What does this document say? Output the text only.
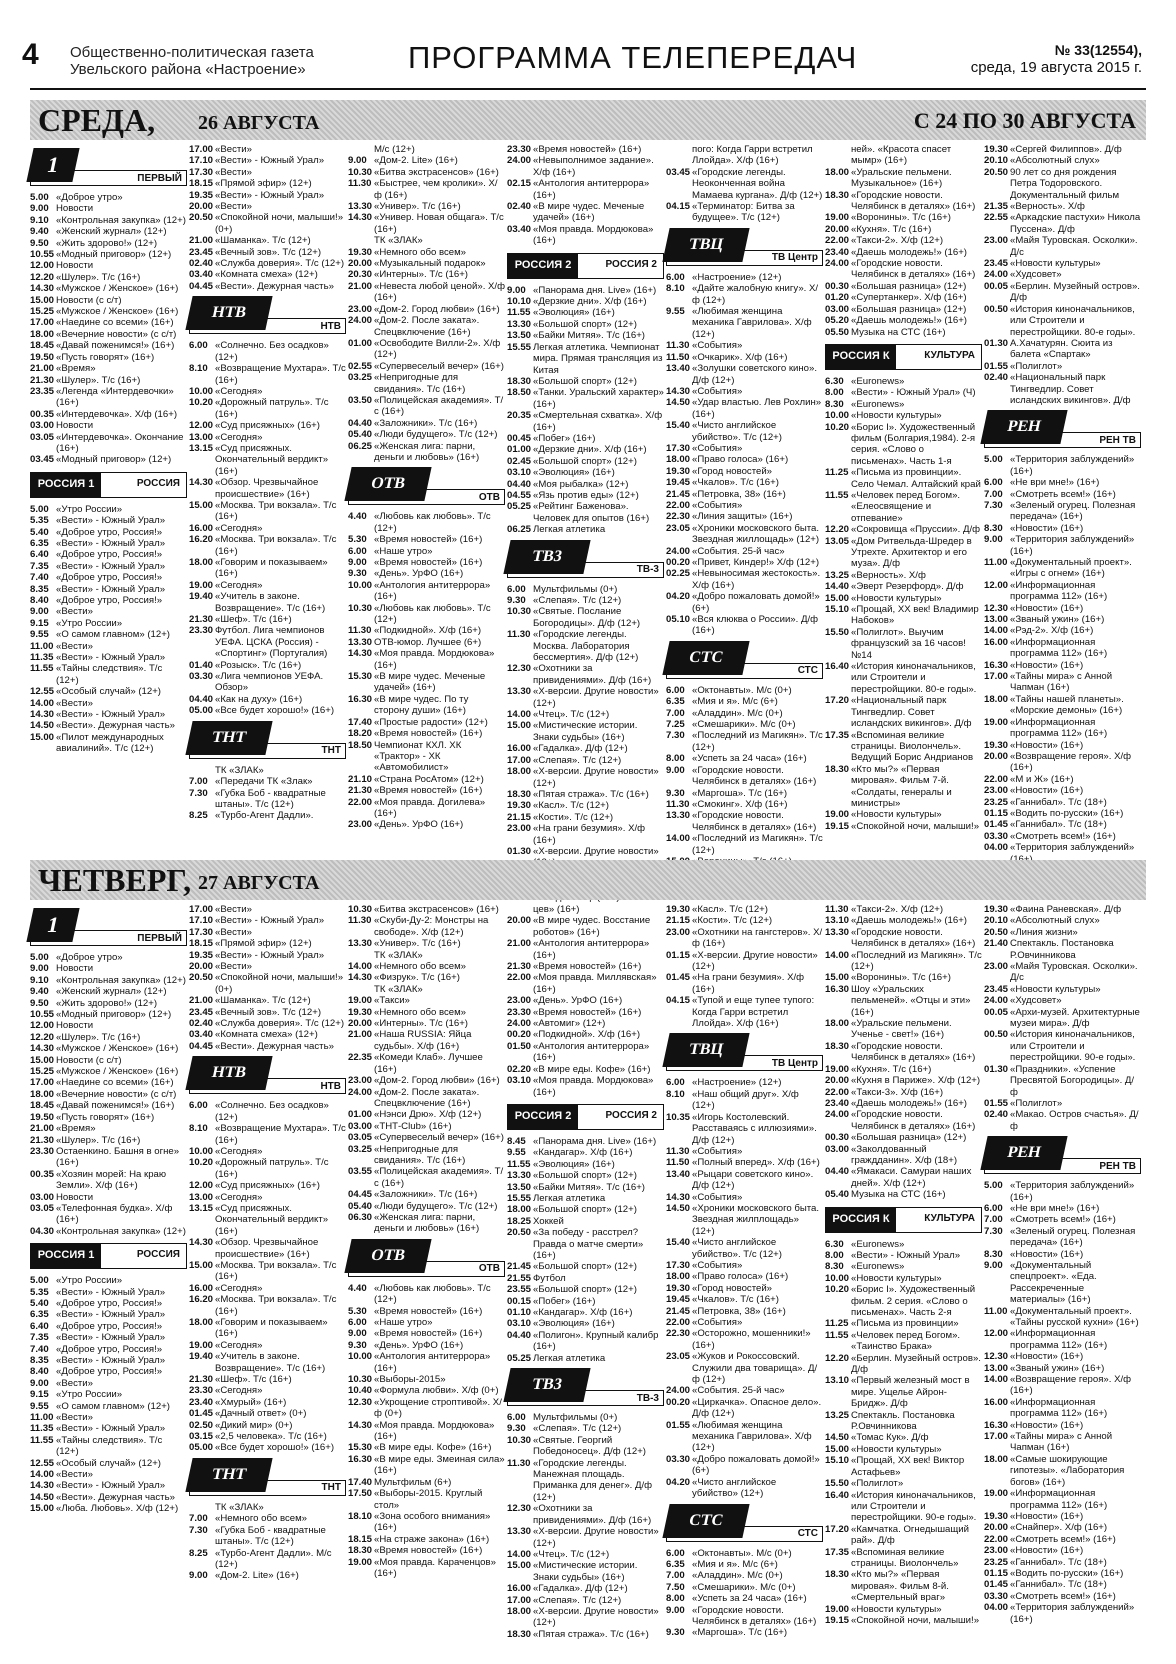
4 Общественно-политическая газета
Увельского района «Настроение»	ПРОГРАММА ТЕЛЕПЕРЕДАЧ	№ 33(12554),
среда, 19 августа 2015 г.
СРЕДА, 26 АВГУСТА	С 24 ПО 30 АВГУСТА
ПЕРВЫЙ
1
5.00 «Доброе утро»
9.00 Новости
9.10 «Контрольная закупка» (12+)
9.40 «Женский журнал» (12+)
9.50 «Жить здорово!» (12+)
10.55 «Модный приговор» (12+)
12.00 Новости
12.20 «Шулер». Т/с (16+)
14.30 «Мужское / Женское» (16+)
15.00 Новости (с с/т)
15.25 «Мужское / Женское» (16+)
17.00 «Наедине со всеми» (16+)
18.00 «Вечерние новости» (с с/т)
18.45 «Давай поженимся!» (16+)
19.50 «Пусть говорят» (16+)
21.00 «Время»
21.30 «Шулер». Т/с (16+)
23.35 «Легенда «Интердевочки» (16+)
00.35 «Интердевочка». Х/ф (16+)
03.00 Новости
03.05 «Интердевочка». Окончание (16+)
03.45 «Модный приговор» (12+)
РОССИЯ 1	РОССИЯ
5.00 «Утро России»
5.35 «Вести» - Южный Урал»
5.40 «Доброе утро, Россия!»
6.35 «Вести» - Южный Урал»
6.40 «Доброе утро, Россия!»
7.35 «Вести» - Южный Урал»
7.40 «Доброе утро, Россия!»
8.35 «Вести» - Южный Урал»
8.40 «Доброе утро, Россия!»
9.00 «Вести»
9.15 «Утро России»
9.55 «О самом главном» (12+)
11.00 «Вести»
11.35 «Вести» - Южный Урал»
11.55 «Тайны следствия». Т/с (12+)
12.55 «Особый случай» (12+)
14.00 «Вести»
14.30 «Вести» - Южный Урал»
14.50 «Вести». Дежурная часть»
15.00 «Пилот международных авиалиний». Т/с (12+)
17.00 «Вести»
17.10 «Вести» - Южный Урал»
17.30 «Вести»
18.15 «Прямой эфир» (12+)
19.35 «Вести» - Южный Урал»
20.00 «Вести»
20.50 «Спокойной ночи, малыши!» (0+)
21.00 «Шаманка». Т/с (12+)
23.45 «Вечный зов». Т/с (12+)
02.40 «Служба доверия». Т/с (12+)
03.40 «Комната смеха» (12+)
04.45 «Вести». Дежурная часть»
НТВ
НТВ
6.00 «Солнечно. Без осадков» (12+)
8.10 «Возвращение Мухтара». Т/с (16+)
10.00 «Сегодня»
10.20 «Дорожный патруль». Т/с (16+)
12.00 «Суд присяжных» (16+)
13.00 «Сегодня»
13.15 «Суд присяжных. Окончательный вердикт» (16+)
14.30 «Обзор. Чрезвычайное происшествие» (16+)
15.00 «Москва. Три вокзала». Т/с (16+)
16.00 «Сегодня»
16.20 «Москва. Три вокзала». Т/с (16+)
18.00 «Говорим и показываем» (16+)
19.00 «Сегодня»
19.40 «Учитель в законе. Возвращение». Т/с (16+)
21.30 «Шеф». Т/с (16+)
23.30 Футбол. Лига чемпионов УЕФА. ЦСКА (Россия) - «Спортинг» (Португалия)
01.40 «Розыск». Т/с (16+)
03.30 «Лига чемпионов УЕФА. Обзор»
04.40 «Как на духу» (16+)
05.00 «Все будет хорошо!» (16+)
ТНТ
ТНТ
ТК «ЗЛАК»
7.00 «Передачи ТК «Злак»
7.30 «Губка Боб - квадратные штаны». Т/с (12+)
8.25 «Турбо-Агент Дадли».
М/с (12+)
9.00 «Дом-2. Lite» (16+)
10.30 «Битва экстрасенсов» (16+)
11.30 «Быстрее, чем кролики». Х/ф (16+)
13.30 «Универ». Т/с (16+)
14.30 «Универ. Новая общага». Т/с (16+)
ТК «ЗЛАК»
19.30 «Немного обо всем»
20.00 «Музыкальный подарок»
20.30 «Интерны». Т/с (16+)
21.00 «Невеста любой ценой». Х/ф (16+)
23.00 «Дом-2. Город любви» (16+)
24.00 «Дом-2. После заката». Спецвключение (16+)
01.00 «Освободите Вилли-2». Х/ф (12+)
02.55 «Супервеселый вечер» (16+)
03.25 «Непригодные для свидания». Т/с (16+)
03.50 «Полицейская академия». Т/с (16+)
04.40 «Заложники». Т/с (16+)
05.40 «Люди будущего». Т/с (12+)
06.25 «Женская лига: парни, деньги и любовь» (16+)
ОТВ
ОТВ
4.40 «Любовь как любовь». Т/с (12+)
5.30 «Время новостей» (16+)
6.00 «Наше утро»
9.00 «Время новостей» (16+)
9.30 «День». УрФО (16+)
10.00 «Антология антитеррора» (16+)
10.30 «Любовь как любовь». Т/с (12+)
11.30 «Подкидной». Х/ф (16+)
13.30 ОТВ-юмор. Лучшее (6+)
14.30 «Моя правда. Мордюкова» (16+)
15.30 «В мире чудес. Меченые удачей» (16+)
16.30 «В мире чудес. По ту сторону души» (16+)
17.40 «Простые радости» (12+)
18.20 «Время новостей» (16+)
18.50 Чемпионат КХЛ. ХК «Трактор» - ХК «Автомобилист»
21.10 «Страна РосАтом» (12+)
21.30 «Время новостей» (16+)
22.00 «Моя правда. Догилева» (16+)
23.00 «День». УрФО (16+)
23.30 «Время новостей» (16+)
24.00 «Невыполнимое задание». Х/ф (16+)
02.15 «Антология антитеррора» (16+)
02.40 «В мире чудес. Меченые удачей» (16+)
03.40 «Моя правда. Мордюкова» (16+)
РОССИЯ 2	РОССИЯ 2
9.00 «Панорама дня. Live» (16+)
10.10 «Дерзкие дни». Х/ф (16+)
11.55 «Эволюция» (16+)
13.30 «Большой спорт» (12+)
13.50 «Байки Митяя». Т/с (16+)
15.55 Легкая атлетика. Чемпионат мира. Прямая трансляция из Китая
18.30 «Большой спорт» (12+)
18.50 «Танки. Уральский характер» (16+)
20.35 «Смертельная схватка». Х/ф (16+)
00.45 «Побег» (16+)
01.00 «Дерзкие дни». Х/ф (16+)
02.45 «Большой спорт» (12+)
03.10 «Эволюция» (16+)
04.40 «Моя рыбалка» (12+)
04.55 «Язь против еды» (12+)
05.25 «Рейтинг Баженова». Человек для опытов (16+)
06.25 Легкая атлетика
ТВ-3
ТВ3
6.00 Мультфильмы (0+)
9.30 «Слепая». Т/с (12+)
10.30 «Святые. Послание Богородицы». Д/ф (12+)
11.30 «Городские легенды. Москва. Лаборатория бессмертия». Д/ф (12+)
12.30 «Охотники за привидениями». Д/ф (16+)
13.30 «Х-версии. Другие новости» (12+)
14.00 «Чтец». Т/с (12+)
15.00 «Мистические истории. Знаки судьбы» (16+)
16.00 «Гадалка». Д/ф (12+)
17.00 «Слепая». Т/с (12+)
18.00 «Х-версии. Другие новости» (12+)
18.30 «Пятая стража». Т/с (16+)
19.30 «Касл». Т/с (12+)
21.15 «Кости». Т/с (12+)
23.00 «На грани безумия». Х/ф (16+)
01.30 «Х-версии. Другие новости»
пого: Когда Гарри встретил Ллойда». Х/ф (16+)
03.45 «Городские легенды. Неоконченная война Мамаева кургана». Д/ф (12+)
04.15 «Терминатор: Битва за будущее». Т/с (12+)
ТВ Центр
ТВЦ
6.00 «Настроение» (12+)
8.10 «Дайте жалобную книгу». Х/ф (12+)
9.55 «Любимая женщина механика Гаврилова». Х/ф (12+)
11.30 «События»
11.50 «Очкарик». Х/ф (16+)
13.40 «Золушки советского кино». Д/ф (12+)
14.30 «События»
14.50 «Удар властью. Лев Рохлин» (16+)
15.40 «Чисто английское убийство». Т/с (12+)
17.30 «События»
18.00 «Право голоса» (16+)
19.30 «Город новостей»
19.45 «Чкалов». Т/с (16+)
21.45 «Петровка, 38» (16+)
22.00 «События»
22.30 «Линия защиты» (16+)
23.05 «Хроники московского быта. Звездная жиллощадь» (12+)
24.00 «События. 25-й час»
00.20 «Привет, Киндер!» Х/ф (12+)
02.25 «Невыносимая жестокость». Х/ф (16+)
04.20 «Добро пожаловать домой!» (6+)
05.10 «Вся клюква о России». Д/ф (16+)
СТС
СТС
6.00 «Октонавты». М/с (0+)
6.35 «Мия и я». М/с (6+)
7.00 «Аладдин». М/с (0+)
7.25 «Смешарики». М/с (0+)
7.30 «Последний из Магикян». Т/с (12+)
8.00 «Успеть за 24 часа» (16+)
9.00 «Городские новости. Челябинск в деталях» (16+)
9.30 «Маргоша». Т/с (16+)
11.30 «Смокинг». Х/ф (16+)
13.30 «Городские новости. Челябинск в деталях» (16+)
14.00 «Последний из Магикян». Т/с (12+)
ней». «Красота спасет мымр» (16+)
18.00 «Уральские пельмени. Музыкальное» (16+)
18.30 «Городские новости. Челябинск в деталях» (16+)
19.00 «Воронины». Т/с (16+)
20.00 «Кухня». Т/с (16+)
22.00 «Такси-2». Х/ф (12+)
23.40 «Даешь молодежь!» (16+)
24.00 «Городские новости. Челябинск в деталях» (16+)
00.30 «Большая разница» (12+)
01.20 «Супертанкер». Х/ф (16+)
03.00 «Большая разница» (12+)
05.20 «Даешь молодежь!» (16+)
05.50 Музыка на СТС (16+)
РОССИЯ К	КУЛЬТУРА
6.30 «Euronews»
8.00 «Вести» - Южный Урал» (Ч)
8.30 «Euronews»
10.00 «Новости культуры»
10.20 «Борис I». Художественный фильм (Болгария,1984). 2-я серия. «Слово о письменах». Часть 1-я
11.25 «Письма из провинции». Село Чемал. Алтайский край
11.55 «Человек перед Богом». «Елеосвящение и отпевание»
12.20 «Сокровища «Пруссии». Д/ф
13.05 «Дом Ритвельда-Шредер в Утрехте. Архитектор и его муза». Д/ф
13.25 «Верность». Х/ф
14.40 «Эверт Резерфорд». Д/ф
15.00 «Новости культуры»
15.10 «Прощай, XX век! Владимир Набоков»
15.50 «Полиглот». Выучим французский за 16 часов! №14
16.40 «История киноначальников, или Строители и перестройщики. 80-е годы».
17.20 «Национальный парк Тингведлир. Совет исландских викингов». Д/ф
17.35 «Вспоминая великие страницы. Виолончель». Ведущий Борис Андрианов
18.30 «Кто мы?» «Первая мировая». Фильм 7-й. «Солдаты, генералы и министры»
19.00 «Новости культуры»
19.15 «Спокойной ночи, малыши!»
19.30 «Сергей Филиппов». Д/ф
20.10 «Абсолютный слух»
20.50 90 лет со дня рождения Петра Тодоровского. Документальный фильм
21.35 «Верность». Х/ф
22.55 «Аркадские пастухи» Никола Пуссена». Д/ф
23.00 «Майя Туровская. Осколки». Д/с
23.45 «Новости культуры»
24.00 «Худсовет»
00.05 «Берлин. Музейный остров». Д/ф
00.50 «История киноначальников, или Строители и перестройщики. 80-е годы».
01.30 А.Хачатурян. Сюита из балета «Спартак»
01.55 «Полиглот»
02.40 «Национальный парк Тингведлир. Совет исландских викингов». Д/ф
РЕН ТВ
РЕН
5.00 «Территория заблуждений» (16+)
6.00 «Не ври мне!» (16+)
7.00 «Смотреть всем!» (16+)
7.30 «Зеленый огурец. Полезная передача» (16+)
8.30 «Новости» (16+)
9.00 «Территория заблуждений» (16+)
11.00 «Документальный проект». «Игры с огнем» (16+)
12.00 «Информационная программа 112» (16+)
12.30 «Новости» (16+)
13.00 «Званый ужин» (16+)
14.00 «Рэд-2». Х/ф (16+)
16.00 «Информационная программа 112» (16+)
16.30 «Новости» (16+)
17.00 «Тайны мира» с Анной Чапман (16+)
18.00 «Тайны нашей планеты». «Морские демоны» (16+)
19.00 «Информационная программа 112» (16+)
19.30 «Новости» (16+)
20.00 «Возвращение героя». Х/ф (16+)
22.00 «М и Ж» (16+)
23.00 «Новости» (16+)
23.25 «Ганнибал». Т/с (18+)
01.15 «Водить по-русски» (16+)
01.45 «Ганнибал». Т/с (18+)
03.30 «Смотреть всем!» (16+)
04.00 «Территория заблуждений»
ЧЕТВЕРГ, 27 АВГУСТА
ПЕРВЫЙ
1
5.00 «Доброе утро»
9.00 Новости
9.10 «Контрольная закупка» (12+)
9.40 «Женский журнал» (12+)
9.50 «Жить здорово!» (12+)
10.55 «Модный приговор» (12+)
12.00 Новости
12.20 «Шулер». Т/с (16+)
14.30 «Мужское / Женское» (16+)
15.00 Новости (с с/т)
15.25 «Мужское / Женское» (16+)
17.00 «Наедине со всеми» (16+)
18.00 «Вечерние новости» (с с/т)
18.45 «Давай поженимся!» (16+)
19.50 «Пусть говорят» (16+)
21.00 «Время»
21.30 «Шулер». Т/с (16+)
23.30 Остаенкино. Башня в огне» (16+)
00.35 «Хозяин морей: На краю Земли». Х/ф (16+)
03.00 Новости
03.05 «Телефонная будка». Х/ф (16+)
04.30 «Контрольная закупка» (12+)
РОССИЯ 1	РОССИЯ
5.00 «Утро России»
5.35 «Вести» - Южный Урал»
5.40 «Доброе утро, Россия!»
6.35 «Вести» - Южный Урал»
6.40 «Доброе утро, Россия!»
7.35 «Вести» - Южный Урал»
7.40 «Доброе утро, Россия!»
8.35 «Вести» - Южный Урал»
8.40 «Доброе утро, Россия!»
9.00 «Вести»
9.15 «Утро России»
9.55 «О самом главном» (12+)
11.00 «Вести»
11.35 «Вести» - Южный Урал»
11.55 «Тайны следствия». Т/с (12+)
12.55 «Особый случай» (12+)
14.00 «Вести»
14.30 «Вести» - Южный Урал»
14.50 «Вести». Дежурная часть»
15.00 «Люба. Любовь». Х/ф (12+)
17.00 «Вести»
17.10 «Вести» - Южный Урал»
17.30 «Вести»
18.15 «Прямой эфир» (12+)
19.35 «Вести» - Южный Урал»
20.00 «Вести»
20.50 «Спокойной ночи, малыши!» (0+)
21.00 «Шаманка». Т/с (12+)
23.45 «Вечный зов». Т/с (12+)
02.40 «Служба доверия». Т/с (12+)
03.40 «Комната смеха» (12+)
04.45 «Вести». Дежурная часть»
НТВ
НТВ
6.00 «Солнечно. Без осадков» (12+)
8.10 «Возвращение Мухтара». Т/с (16+)
10.00 «Сегодня»
10.20 «Дорожный патруль». Т/с (16+)
12.00 «Суд присяжных» (16+)
13.00 «Сегодня»
13.15 «Суд присяжных. Окончательный вердикт» (16+)
14.30 «Обзор. Чрезвычайное происшествие» (16+)
15.00 «Москва. Три вокзала». Т/с (16+)
16.00 «Сегодня»
16.20 «Москва. Три вокзала». Т/с (16+)
18.00 «Говорим и показываем» (16+)
19.00 «Сегодня»
19.40 «Учитель в законе. Возвращение». Т/с (16+)
21.30 «Шеф». Т/с (16+)
23.30 «Сегодня»
23.40 «Хмурый» (16+)
01.45 «Дачный ответ» (0+)
02.50 «Дикий мир» (0+)
03.15 «2,5 человека». Т/с (16+)
05.00 «Все будет хорошо!» (16+)
ТНТ
ТНТ
ТК «ЗЛАК»
7.00 «Немного обо всем»
7.30 «Губка Боб - квадратные штаны». Т/с (12+)
8.25 «Турбо-Агент Дадли». М/с (12+)
9.00 «Дом-2. Lite» (16+)
10.30 «Битва экстрасенсов» (16+)
11.30 «Скуби-Ду-2: Монстры на свободе». Х/ф (12+)
13.30 «Универ». Т/с (16+)
ТК «ЗЛАК»
14.00 «Немного обо всем»
14.30 «Физрук». Т/с (16+)
ТК «ЗЛАК»
19.00 «Такси»
19.30 «Немного обо всем»
20.00 «Интерны». Т/с (16+)
21.00 «Наша RUSSIA: Яйца судьбы». Х/ф (16+)
22.35 «Комеди Клаб». Лучшее (16+)
23.00 «Дом-2. Город любви» (16+)
24.00 «Дом-2. После заката». Спецвключение (16+)
01.00 «Нэнси Дрю». Х/ф (12+)
03.00 «ТНТ-Club» (16+)
03.05 «Супервеселый вечер» (16+)
03.25 «Непригодные для свидания». Т/с (16+)
03.55 «Полицейская академия». Т/с (16+)
04.45 «Заложники». Т/с (16+)
05.40 «Люди будущего». Т/с (12+)
06.30 «Женская лига: парни, деньги и любовь» (16+)
ОТВ
ОТВ
4.40 «Любовь как любовь». Т/с (12+)
5.30 «Время новостей» (16+)
6.00 «Наше утро»
9.00 «Время новостей» (16+)
9.30 «День». УрФО (16+)
10.00 «Антология антитеррора» (16+)
10.30 «Выборы-2015»
10.40 «Формула любви». Х/ф (0+)
12.30 «Укрощение строптивой». Х/ф (0+)
14.30 «Моя правда. Мордюкова» (16+)
15.30 «В мире еды. Кофе» (16+)
16.30 «В мире еды. Змеиная сила» (16+)
17.40 Мультфильм (6+)
17.50 «Выборы-2015. Круглый стол»
18.10 «Зона особого внимания» (16+)
18.15 «На страже закона» (16+)
18.30 «Время новостей» (16+)
19.00 «Моя правда. Караченцов» (16+)
цев» (16+)
20.00 «В мире чудес. Восстание роботов» (16+)
21.00 «Антология антитеррора» (16+)
21.30 «Время новостей» (16+)
22.00 «Моя правда. Миллявская» (16+)
23.00 «День». УрФО (16+)
23.30 «Время новостей» (16+)
24.00 «Автомиг» (12+)
00.20 «Подкидной». Х/ф (16+)
01.50 «Антология антитеррора» (16+)
02.20 «В мире еды. Кофе» (16+)
03.10 «Моя правда. Мордюкова» (16+)
РОССИЯ 2	РОССИЯ 2
8.45 «Панорама дня. Live» (16+)
9.55 «Кандагар». Х/ф (16+)
11.55 «Эволюция» (16+)
13.30 «Большой спорт» (12+)
13.50 «Байки Митяя». Т/с (16+)
15.55 Легкая атлетика
18.00 «Большой спорт» (12+)
18.25 Хоккей
20.50 «За победу - расстрел? Правда о матче смерти» (16+)
21.45 «Большой спорт» (12+)
21.55 Футбол
23.55 «Большой спорт» (12+)
00.15 «Побег» (16+)
01.10 «Кандагар». Х/ф (16+)
03.10 «Эволюция» (16+)
04.40 «Полигон». Крупный калибр (16+)
05.25 Легкая атлетика
ТВ-3
ТВ3
6.00 Мультфильмы (0+)
9.30 «Слепая». Т/с (12+)
10.30 «Святые. Георгий Победоносец». Д/ф (12+)
11.30 «Городские легенды. Манежная площадь. Приманка для денег». Д/ф (12+)
12.30 «Охотники за привидениями». Д/ф (16+)
13.30 «Х-версии. Другие новости» (12+)
14.00 «Чтец». Т/с (12+)
15.00 «Мистические истории. Знаки судьбы» (16+)
16.00 «Гадалка». Д/ф (12+)
17.00 «Слепая». Т/с (12+)
18.00 «Х-версии. Другие новости» (12+)
18.30 «Пятая стража». Т/с (16+)
19.30 «Касл». Т/с (12+)
21.15 «Кости». Т/с (12+)
23.00 «Охотники на гангстеров». Х/ф (16+)
01.15 «Х-версии. Другие новости» (12+)
01.45 «На грани безумия». Х/ф (16+)
04.15 «Тупой и еще тупее тупого: Когда Гарри встретил Ллойда». Х/ф (16+)
ТВ Центр
ТВЦ
6.00 «Настроение» (12+)
8.10 «Наш общий друг». Х/ф (12+)
10.35 «Игорь Костолевский. Расставаясь с иллюзиями». Д/ф (12+)
11.30 «События»
11.50 «Полный вперед». Х/ф (16+)
13.40 «Рыцари советского кино». Д/ф (12+)
14.30 «События»
14.50 «Хроники московского быта. Звездная жилплощадь» (12+)
15.40 «Чисто английское убийство». Т/с (12+)
17.30 «События»
18.00 «Право голоса» (16+)
19.30 «Город новостей»
19.45 «Чкалов». Т/с (16+)
21.45 «Петровка, 38» (16+)
22.00 «События»
22.30 «Осторожно, мошенники!» (16+)
23.05 «Жуков и Рокоссовский. Служили два товарища». Д/ф (12+)
24.00 «События. 25-й час»
00.20 «Циркачка». Опасное дело». Д/ф (12+)
01.55 «Любимая женщина механика Гаврилова». Х/ф (12+)
03.30 «Добро пожаловать домой!» (6+)
04.20 «Чисто английское убийство» (12+)
СТС
СТС
6.00 «Октонавты». М/с (0+)
6.35 «Мия и я». М/с (6+)
7.00 «Аладдин». М/с (0+)
7.50 «Смешарики». М/с (0+)
8.00 «Успеть за 24 часа» (16+)
9.00 «Городские новости. Челябинск в деталях» (16+)
9.30 «Маргоша». Т/с (16+)
11.30 «Такси-2». Х/ф (12+)
13.10 «Даешь молодежь!» (16+)
13.30 «Городские новости. Челябинск в деталях» (16+)
14.00 «Последний из Магикян». Т/с (12+)
15.00 «Воронины». Т/с (16+)
16.30 Шоу «Уральских пельменей». «Отцы и эти» (16+)
18.00 «Уральские пельмени. Ученье - свет!» (16+)
18.30 «Городские новости. Челябинск в деталях» (16+)
19.00 «Кухня». Т/с (16+)
20.00 «Кухня в Париже». Х/ф (12+)
22.00 «Такси-3». Х/ф (16+)
23.40 «Даешь молодежь!» (16+)
24.00 «Городские новости. Челябинск в деталях» (16+)
00.30 «Большая разница» (12+)
03.00 «Заколдованный граждданин». Х/ф (18+)
04.40 «Ямакаси. Самураи наших дней». Х/ф (12+)
05.40 Музыка на СТС (16+)
РОССИЯ К	КУЛЬТУРА
6.30 «Euronews»
8.00 «Вести» - Южный Урал»
8.30 «Euronews»
10.00 «Новости культуры»
10.20 «Борис I». Художественный фильм. 2 серия. «Слово о письменах». Часть 2-я
11.25 «Письма из провинции»
11.55 «Человек перед Богом». «Таинство Брака»
12.20 «Берлин. Музейный остров». Д/ф
13.10 «Первый железный мост в мире. Ущелье Айрон-Бридж». Д/ф
13.25 Спектакль. Постановка Р.Овчинникова
14.50 «Томас Кук». Д/ф
15.00 «Новости культуры»
15.10 «Прощай, XX век! Виктор Астафьев»
15.50 «Полиглот»
16.40 «История киноначальников, или Строители и перестройщики. 90-е годы».
17.20 «Камчатка. Огнедышащий рай». Д/ф
17.35 «Вспоминая великие страницы. Виолончель»
18.30 «Кто мы?» «Первая мировая». Фильм 8-й. «Смертельный враг»
19.00 «Новости культуры»
19.15 «Спокойной ночи, малыши!»
19.30 «Фаина Раневская». Д/ф
20.10 «Абсолютный слух»
20.50 «Линия жизни»
21.40 Спектакль. Постановка Р.Овчинникова
23.00 «Майя Туровская. Осколки». Д/с
23.45 «Новости культуры»
24.00 «Худсовет»
00.05 «Архи-музей. Архитектурные музеи мира». Д/ф
00.50 «История киноначальников, или Строители и перестройщики. 90-е годы».
01.30 «Праздники». «Успение Пресвятой Богородицы». Д/ф
01.55 «Полиглот»
02.40 «Макао. Остров счастья». Д/ф
РЕН ТВ
РЕН
5.00 «Территория заблуждений» (16+)
6.00 «Не ври мне!» (16+)
7.00 «Смотреть всем!» (16+)
7.30 «Зеленый огурец. Полезная передача» (16+)
8.30 «Новости» (16+)
9.00 «Документальный спецпроект». «Еда. Рассекреченные материалы» (16+)
11.00 «Документальный проект». «Тайны русской кухни» (16+)
12.00 «Информационная программа 112» (16+)
12.30 «Новости» (16+)
13.00 «Званый ужин» (16+)
14.00 «Возвращение героя». Х/ф (16+)
16.00 «Информационная программа 112» (16+)
16.30 «Новости» (16+)
17.00 «Тайны мира» с Анной Чапман (16+)
18.00 «Самые шокирующие гипотезы». «Лаборатория богов» (16+)
19.00 «Информационная программа 112» (16+)
19.30 «Новости» (16+)
20.00 «Снайпер». Х/ф (16+)
22.00 «Смотреть всем!» (16+)
23.00 «Новости» (16+)
23.25 «Ганнибал». Т/с (18+)
01.15 «Водить по-русски» (16+)
01.45 «Ганнибал». Т/с (18+)
03.30 «Смотреть всем!» (16+)
04.00 «Территория заблуждений» (16+)
